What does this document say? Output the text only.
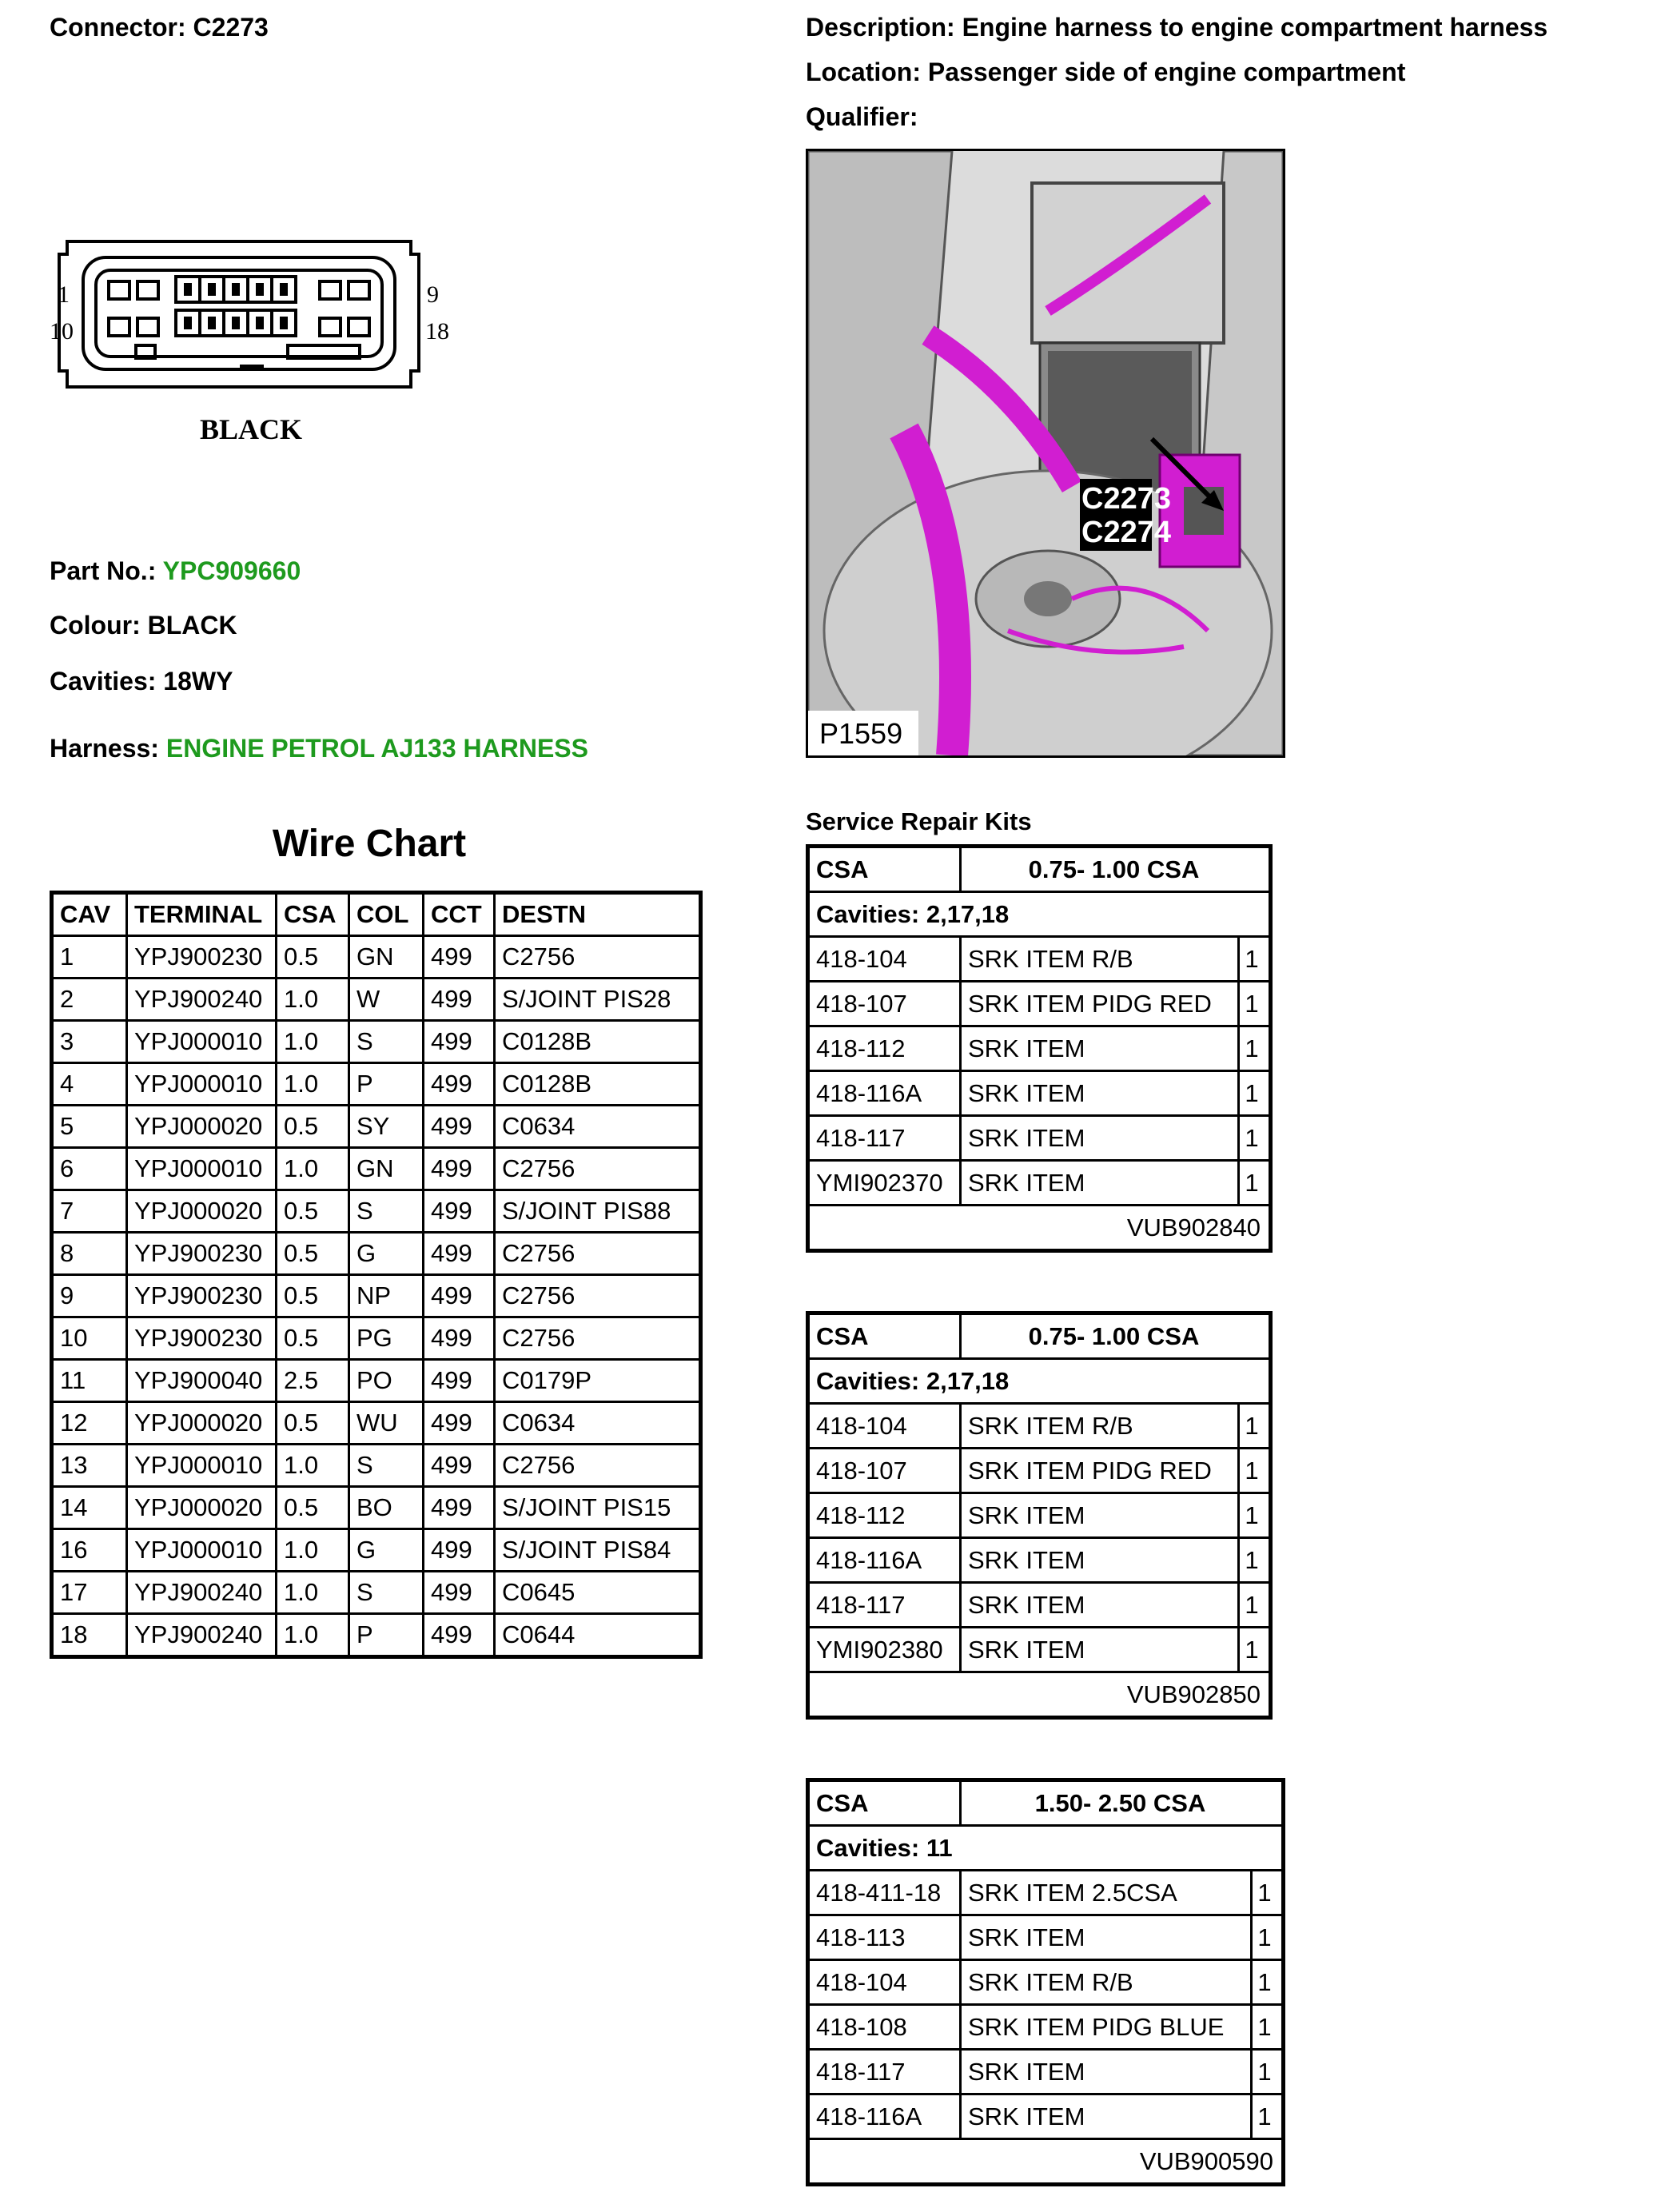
Connector: C2273	Description: Engine harness to engine compartment harness
Location: Passenger side of engine compartment
Qualifier:
1	9
10	18
BLACK
Part No.: YPC909660
Colour: BLACK
Cavities: 18WY
Harness: ENGINE PETROL AJ133 HARNESS
C2273
C2274
P1559
Wire Chart
CAV	TERMINAL	CSA	COL	CCT	DESTN
1	YPJ900230	0.5	GN	499	C2756
2	YPJ900240	1.0	W	499	S/JOINT PIS28
3	YPJ000010	1.0	S	499	C0128B
4	YPJ000010	1.0	P	499	C0128B
5	YPJ000020	0.5	SY	499	C0634
6	YPJ000010	1.0	GN	499	C2756
7	YPJ000020	0.5	S	499	S/JOINT PIS88
8	YPJ900230	0.5	G	499	C2756
9	YPJ900230	0.5	NP	499	C2756
10	YPJ900230	0.5	PG	499	C2756
11	YPJ900040	2.5	PO	499	C0179P
12	YPJ000020	0.5	WU	499	C0634
13	YPJ000010	1.0	S	499	C2756
14	YPJ000020	0.5	BO	499	S/JOINT PIS15
16	YPJ000010	1.0	G	499	S/JOINT PIS84
17	YPJ900240	1.0	S	499	C0645
18	YPJ900240	1.0	P	499	C0644
Service Repair Kits
CSA	0.75- 1.00 CSA
Cavities: 2,17,18
418-104	SRK ITEM R/B	1
418-107	SRK ITEM PIDG RED	1
418-112	SRK ITEM	1
418-116A	SRK ITEM	1
418-117	SRK ITEM	1
YMI902370	SRK ITEM	1
VUB902840
CSA	0.75- 1.00 CSA
Cavities: 2,17,18
418-104	SRK ITEM R/B	1
418-107	SRK ITEM PIDG RED	1
418-112	SRK ITEM	1
418-116A	SRK ITEM	1
418-117	SRK ITEM	1
YMI902380	SRK ITEM	1
VUB902850
CSA	1.50- 2.50 CSA
Cavities: 11
418-411-18	SRK ITEM 2.5CSA	1
418-113	SRK ITEM	1
418-104	SRK ITEM R/B	1
418-108	SRK ITEM PIDG BLUE	1
418-117	SRK ITEM	1
418-116A	SRK ITEM	1
VUB900590
